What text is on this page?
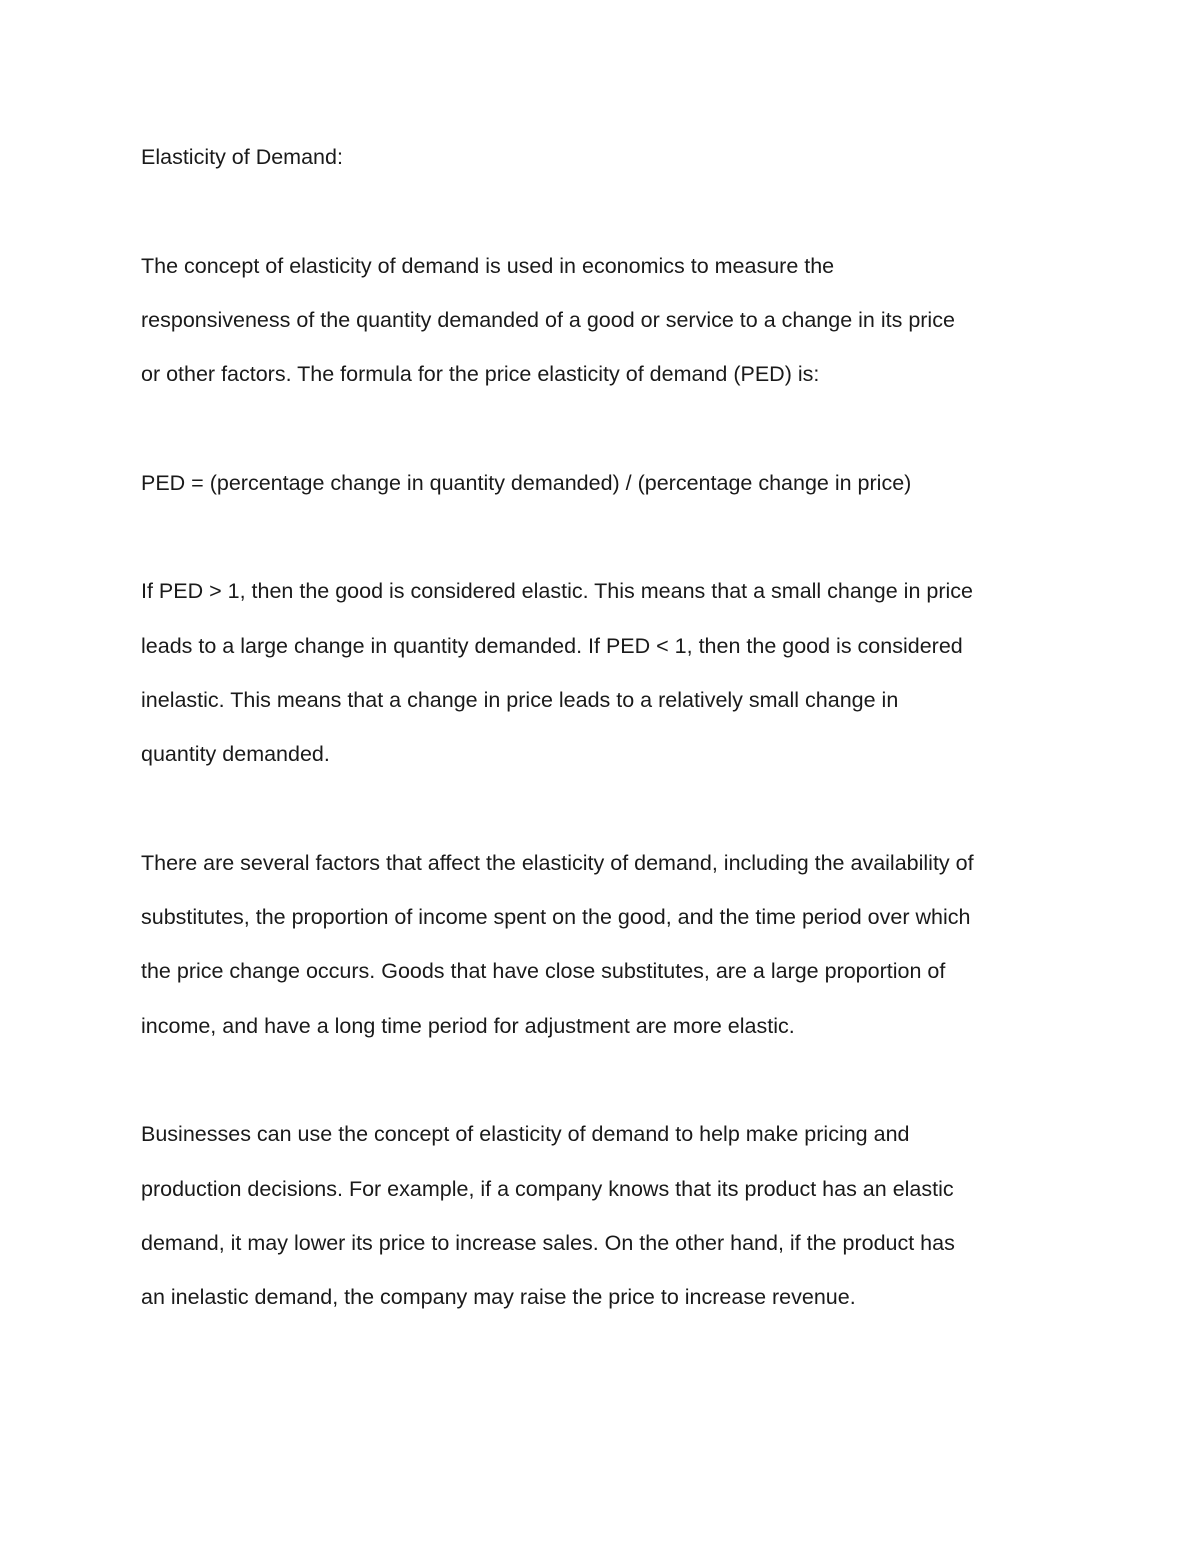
Elasticity of Demand:

The concept of elasticity of demand is used in economics to measure the
responsiveness of the quantity demanded of a good or service to a change in its price
or other factors. The formula for the price elasticity of demand (PED) is:

PED = (percentage change in quantity demanded) / (percentage change in price)

If PED > 1, then the good is considered elastic. This means that a small change in price
leads to a large change in quantity demanded. If PED < 1, then the good is considered
inelastic. This means that a change in price leads to a relatively small change in
quantity demanded.

There are several factors that affect the elasticity of demand, including the availability of
substitutes, the proportion of income spent on the good, and the time period over which
the price change occurs. Goods that have close substitutes, are a large proportion of
income, and have a long time period for adjustment are more elastic.

Businesses can use the concept of elasticity of demand to help make pricing and
production decisions. For example, if a company knows that its product has an elastic
demand, it may lower its price to increase sales. On the other hand, if the product has
an inelastic demand, the company may raise the price to increase revenue.
